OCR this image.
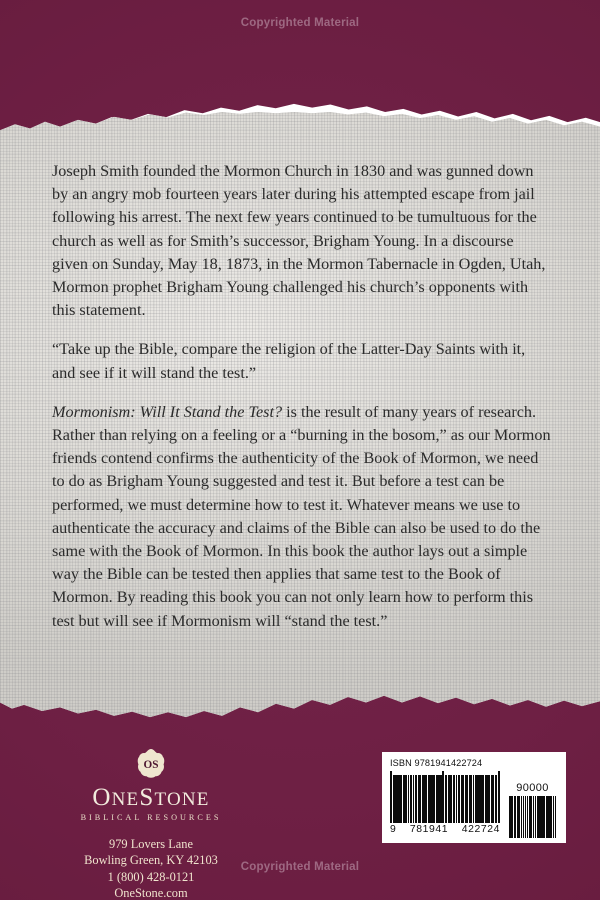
Copyrighted Material

Joseph Smith founded the Mormon Church in 1830 and was gunned down by an angry mob fourteen years later during his attempted escape from jail following his arrest. The next few years continued to be tumultuous for the church as well as for Smith’s successor, Brigham Young. In a discourse given on Sunday, May 18, 1873, in the Mormon Tabernacle in Ogden, Utah, Mormon prophet Brigham Young challenged his church’s opponents with this statement.

“Take up the Bible, compare the religion of the Latter-Day Saints with it, and see if it will stand the test.”

Mormonism: Will It Stand the Test? is the result of many years of research. Rather than relying on a feeling or a “burning in the bosom,” as our Mormon friends contend confirms the authenticity of the Book of Mormon, we need to do as Brigham Young suggested and test it. But before a test can be performed, we must determine how to test it. Whatever means we use to authenticate the accuracy and claims of the Bible can also be used to do the same with the Book of Mormon. In this book the author lays out a simple way the Bible can be tested then applies that same test to the Book of Mormon. By reading this book you can not only learn how to perform this test but will see if Mormonism will “stand the test.”

OS
ONESTONE
BIBLICAL RESOURCES
979 Lovers Lane
Bowling Green, KY 42103
1 (800) 428-0121
OneStone.com
ISBN 9781941422724
9 781941 422724
90000
Copyrighted Material
